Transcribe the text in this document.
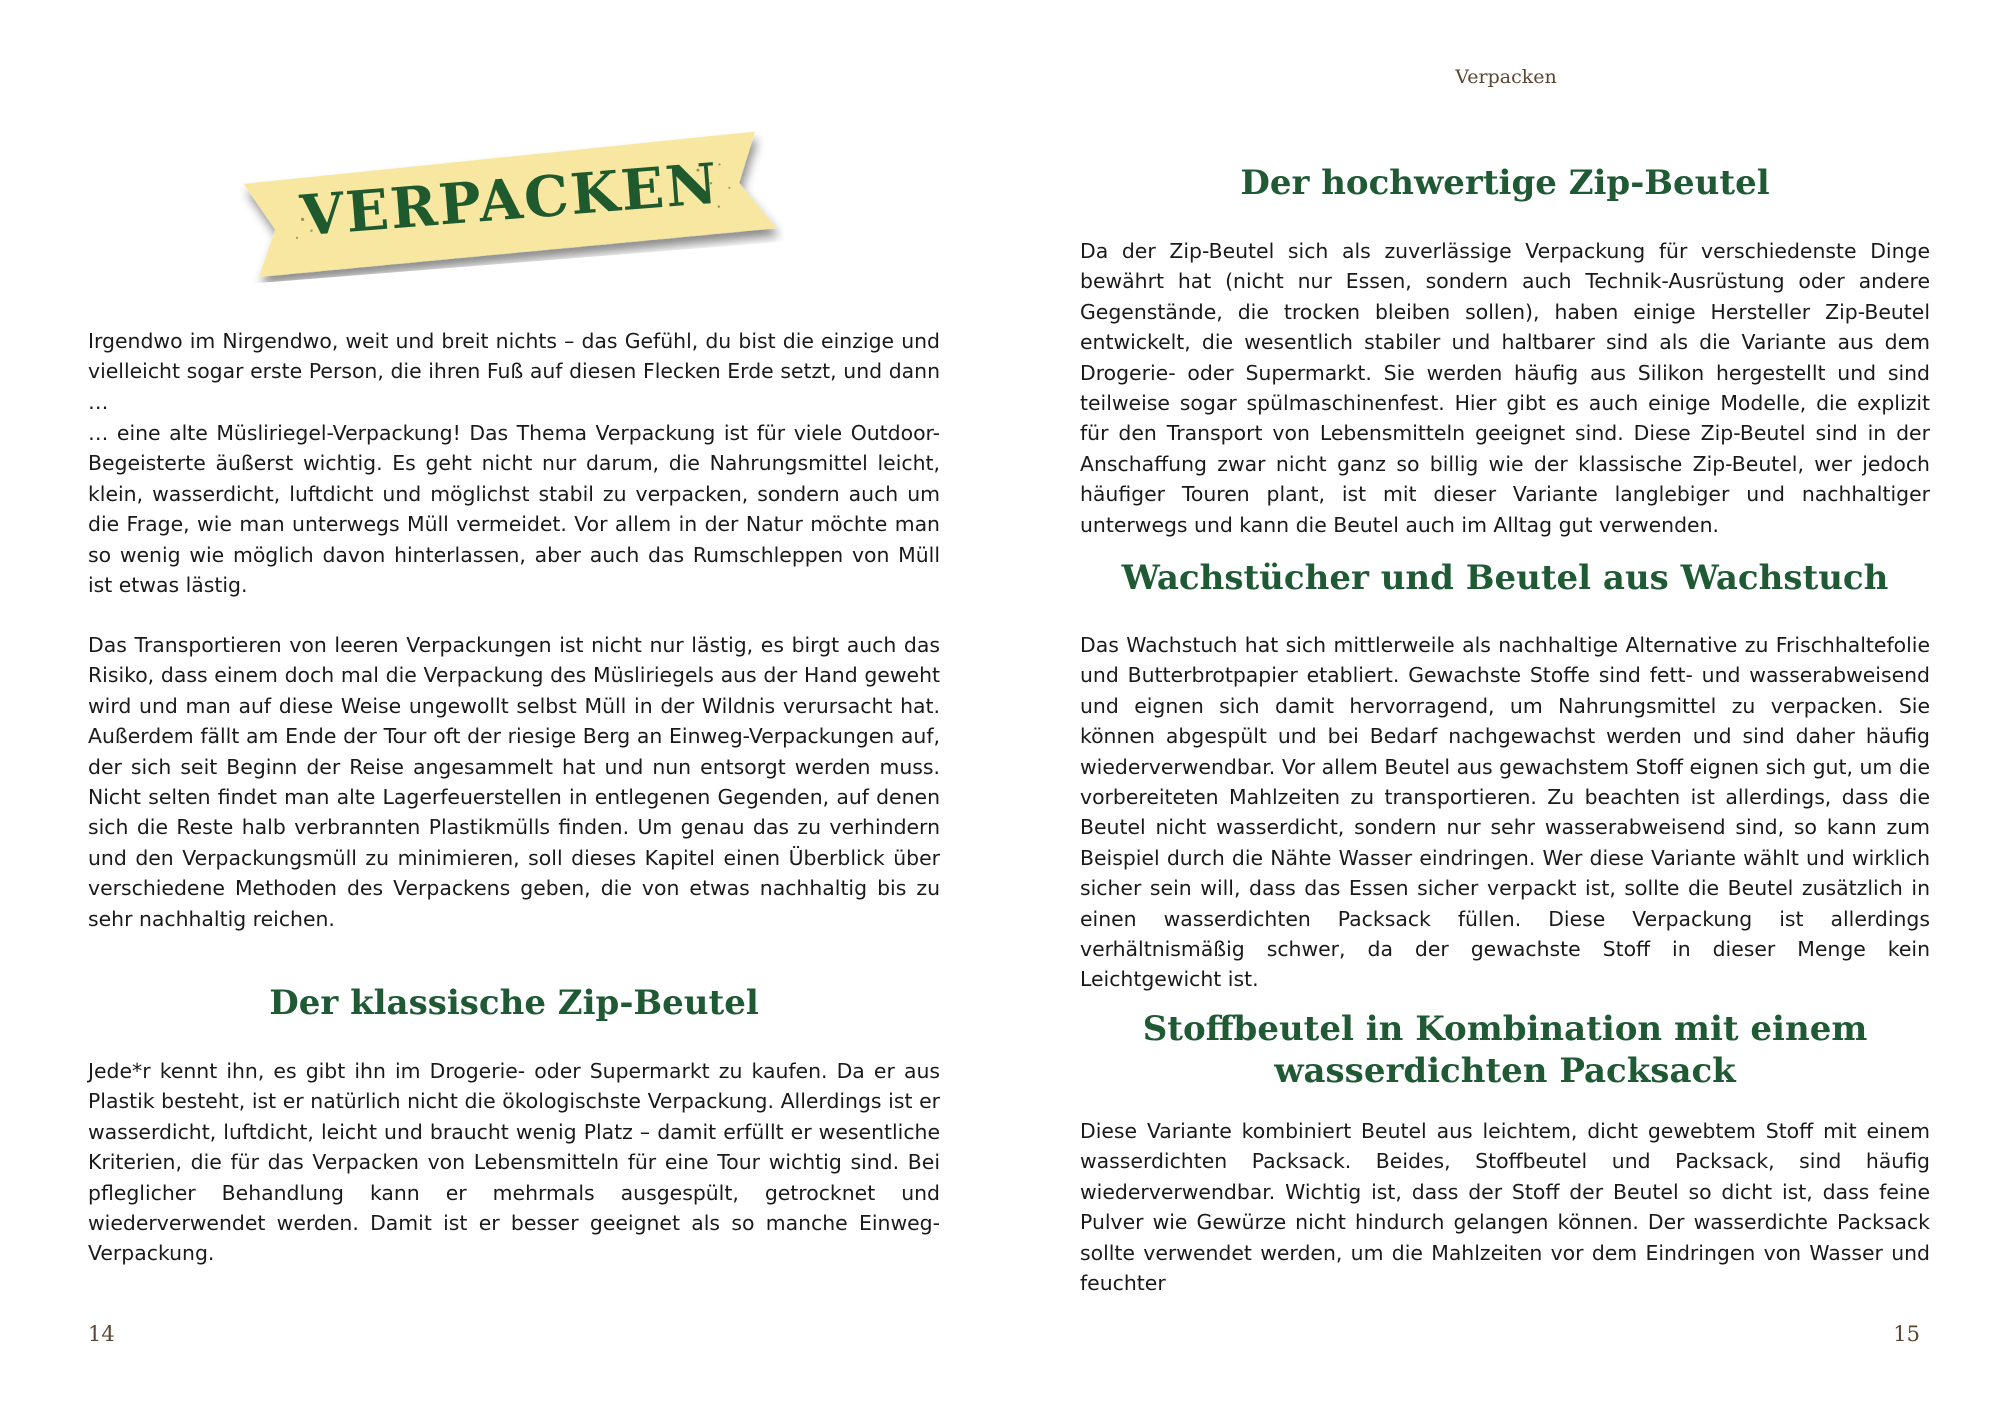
Verpacken
VERPACKEN

Irgendwo im Nirgendwo, weit und breit nichts – das Gefühl, du bist die einzige und vielleicht sogar erste Person, die ihren Fuß auf diesen Flecken Erde setzt, und dann …

… eine alte Müsliriegel-Verpackung! Das Thema Verpackung ist für viele Outdoor-Begeisterte äußerst wichtig. Es geht nicht nur darum, die Nahrungsmittel leicht, klein, wasserdicht, luftdicht und möglichst stabil zu verpacken, sondern auch um die Frage, wie man unterwegs Müll vermeidet. Vor allem in der Natur möchte man so wenig wie möglich davon hinterlassen, aber auch das Rumschleppen von Müll ist etwas lästig.

Das Transportieren von leeren Verpackungen ist nicht nur lästig, es birgt auch das Risiko, dass einem doch mal die Verpackung des Müsliriegels aus der Hand geweht wird und man auf diese Weise ungewollt selbst Müll in der Wildnis verursacht hat. Außerdem fällt am Ende der Tour oft der riesige Berg an Einweg-Verpackungen auf, der sich seit Beginn der Reise angesammelt hat und nun entsorgt werden muss. Nicht selten findet man alte Lagerfeuerstellen in entlegenen Gegenden, auf denen sich die Reste halb verbrannten Plastikmülls finden. Um genau das zu verhindern und den Verpackungsmüll zu minimieren, soll dieses Kapitel einen Überblick über verschiedene Methoden des Verpackens geben, die von etwas nachhaltig bis zu sehr nachhaltig reichen.

Der klassische Zip-Beutel

Jede*r kennt ihn, es gibt ihn im Drogerie- oder Supermarkt zu kaufen. Da er aus Plastik besteht, ist er natürlich nicht die ökologischste Verpackung. Allerdings ist er wasserdicht, luftdicht, leicht und braucht wenig Platz – damit erfüllt er wesentliche Kriterien, die für das Verpacken von Lebensmitteln für eine Tour wichtig sind. Bei pfleglicher Behandlung kann er mehrmals ausgespült, getrocknet und wiederverwendet werden. Damit ist er besser geeignet als so manche Einweg-Verpackung.

14
Der hochwertige Zip-Beutel

Da der Zip-Beutel sich als zuverlässige Verpackung für verschiedenste Dinge bewährt hat (nicht nur Essen, sondern auch Technik-Ausrüstung oder andere Gegenstände, die trocken bleiben sollen), haben einige Hersteller Zip-Beutel entwickelt, die wesentlich stabiler und haltbarer sind als die Variante aus dem Drogerie- oder Supermarkt. Sie werden häufig aus Silikon hergestellt und sind teilweise sogar spülmaschinenfest. Hier gibt es auch einige Modelle, die explizit für den Transport von Lebensmitteln geeignet sind. Diese Zip-Beutel sind in der Anschaffung zwar nicht ganz so billig wie der klassische Zip-Beutel, wer jedoch häufiger Touren plant, ist mit dieser Variante langlebiger und nachhaltiger unterwegs und kann die Beutel auch im Alltag gut verwenden.

Wachstücher und Beutel aus Wachstuch

Das Wachstuch hat sich mittlerweile als nachhaltige Alternative zu Frischhaltefolie und Butterbrotpapier etabliert. Gewachste Stoffe sind fett- und wasserabweisend und eignen sich damit hervorragend, um Nahrungsmittel zu verpacken. Sie können abgespült und bei Bedarf nachgewachst werden und sind daher häufig wiederverwendbar. Vor allem Beutel aus gewachstem Stoff eignen sich gut, um die vorbereiteten Mahlzeiten zu transportieren. Zu beachten ist allerdings, dass die Beutel nicht wasserdicht, sondern nur sehr wasserabweisend sind, so kann zum Beispiel durch die Nähte Wasser eindringen. Wer diese Variante wählt und wirklich sicher sein will, dass das Essen sicher verpackt ist, sollte die Beutel zusätzlich in einen wasserdichten Packsack füllen. Diese Verpackung ist allerdings verhältnismäßig schwer, da der gewachste Stoff in dieser Menge kein Leichtgewicht ist.

Stoffbeutel in Kombination mit einem
wasserdichten Packsack

Diese Variante kombiniert Beutel aus leichtem, dicht gewebtem Stoff mit einem wasserdichten Packsack. Beides, Stoffbeutel und Packsack, sind häufig wiederverwendbar. Wichtig ist, dass der Stoff der Beutel so dicht ist, dass feine Pulver wie Gewürze nicht hindurch gelangen können. Der wasserdichte Packsack sollte verwendet werden, um die Mahlzeiten vor dem Eindringen von Wasser und feuchter

15
